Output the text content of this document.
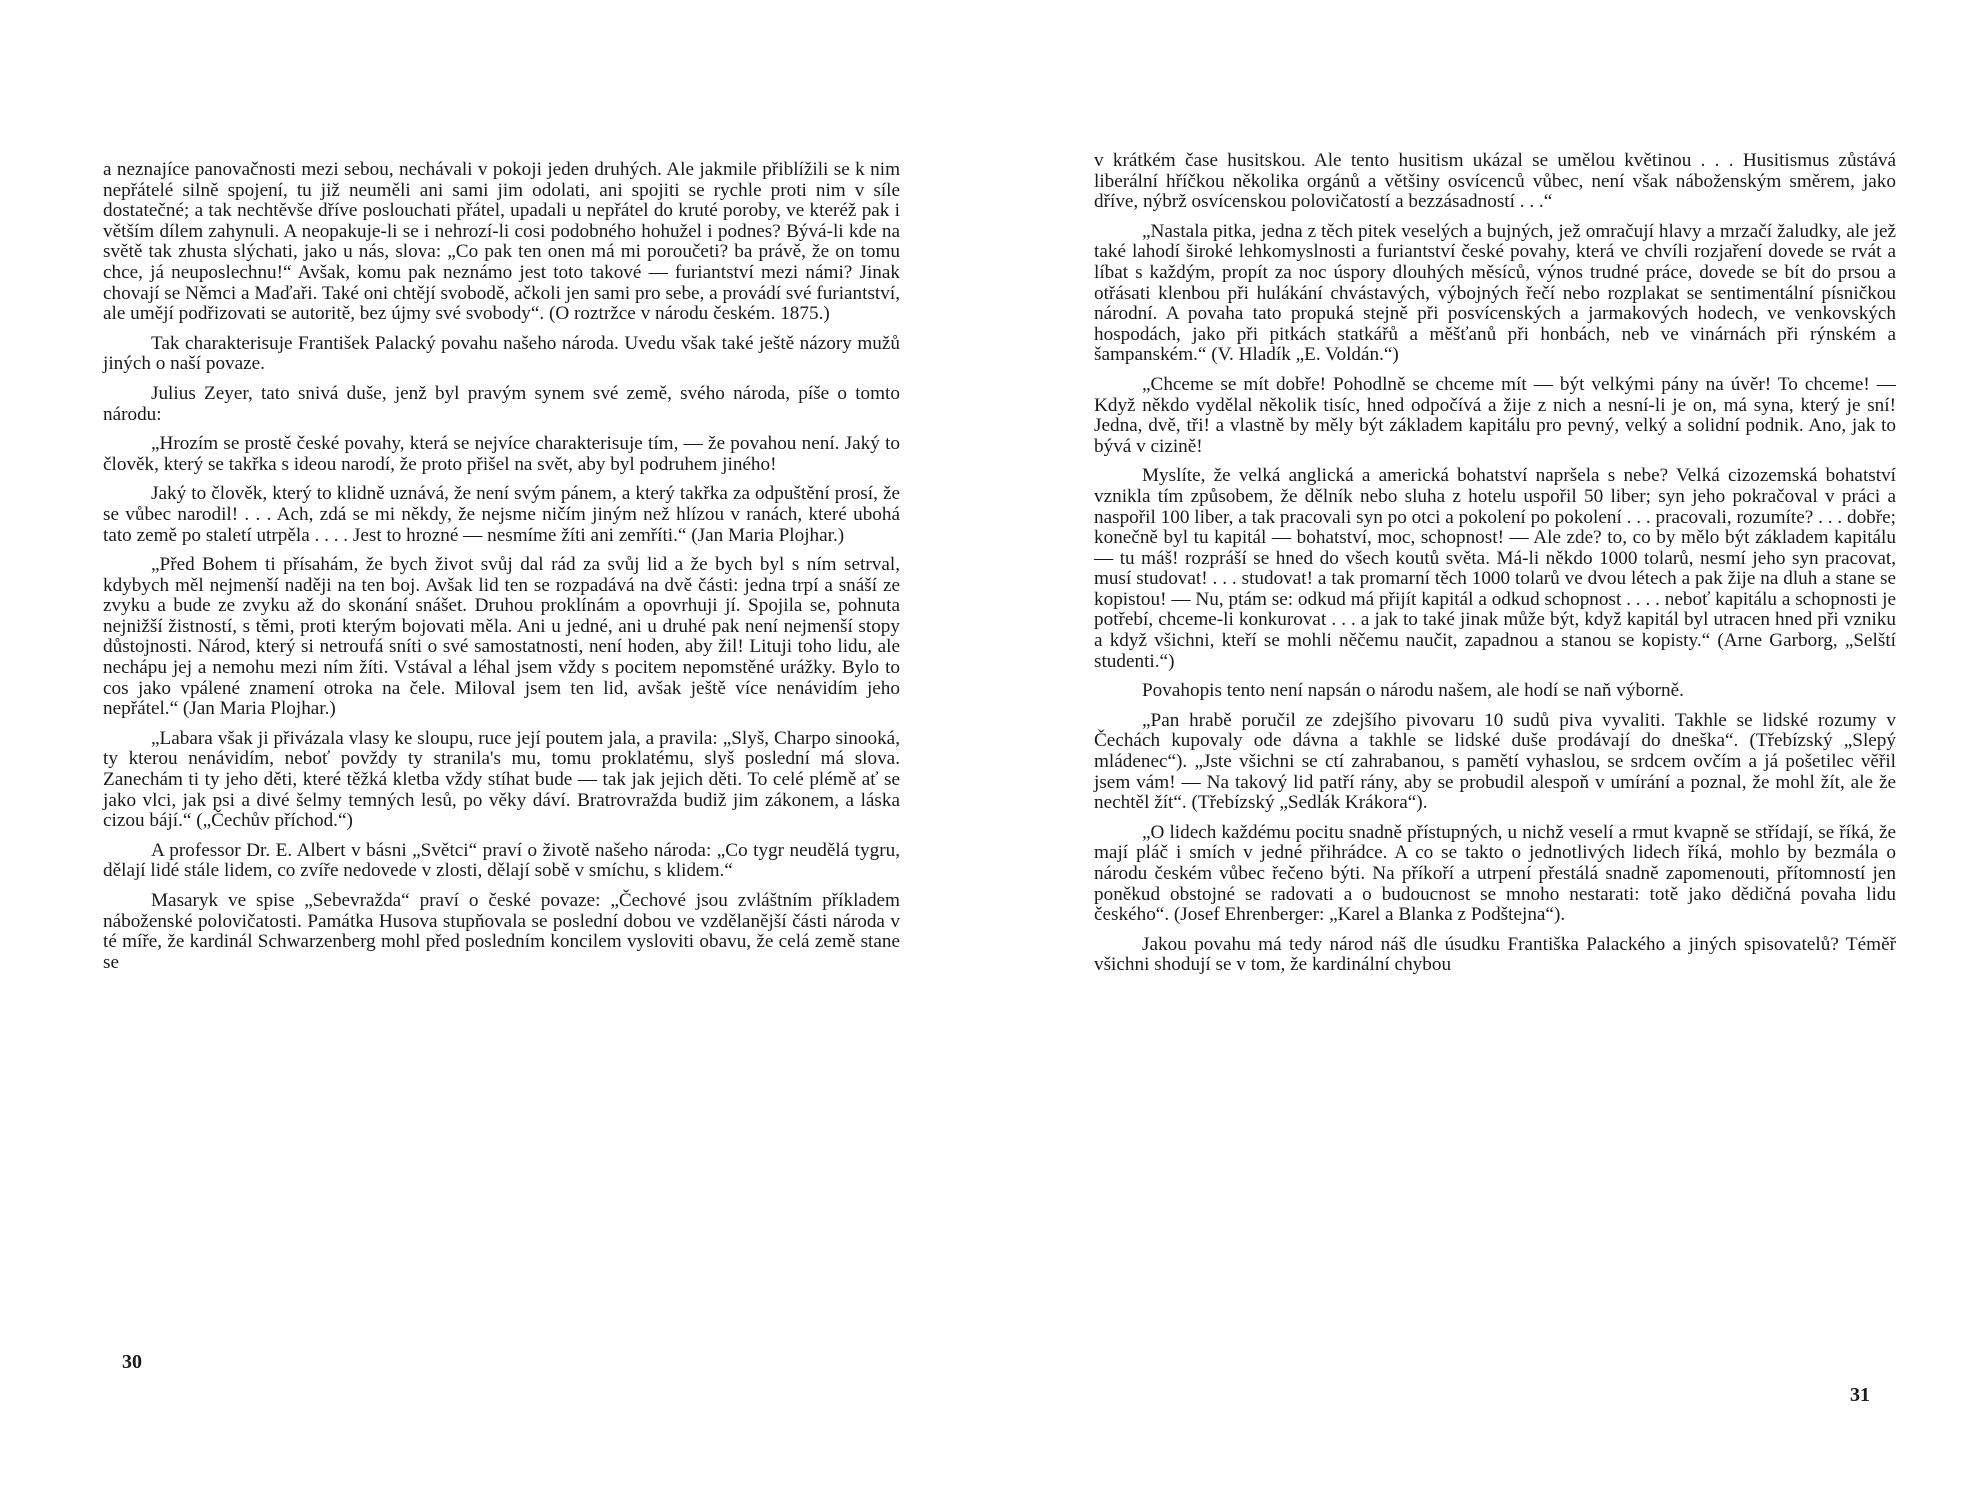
a neznajíce panovačnosti mezi sebou, nechávali v pokoji jeden druhých. Ale jakmile přiblížili se k nim nepřátelé silně spojení, tu již neuměli ani sami jim odolati, ani spojiti se rychle proti nim v síle dostatečné; a tak nechtěvše dříve poslouchati přátel, upadali u nepřátel do kruté poroby, ve kteréž pak i větším dílem zahynuli. A neopakuje-li se i nehrozí-li cosi podobného hohužel i podnes? Bývá-li kde na světě tak zhusta slýchati, jako u nás, slova: „Co pak ten onen má mi poroučeti? ba právě, že on tomu chce, já neuposlechnu!“ Avšak, komu pak neznámo jest toto takové — furiantství mezi námi? Jinak chovají se Němci a Maďaři. Také oni chtějí svobodě, ačkoli jen sami pro sebe, a provádí své furiantství, ale umějí podřizovati se autoritě, bez újmy své svobody“. (O roztržce v národu českém. 1875.)

Tak charakterisuje František Palacký povahu našeho národa. Uvedu však také ještě názory mužů jiných o naší povaze.

Julius Zeyer, tato snivá duše, jenž byl pravým synem své země, svého národa, píše o tomto národu:

„Hrozím se prostě české povahy, která se nejvíce charakterisuje tím, — že povahou není. Jaký to člověk, který se takřka s ideou narodí, že proto přišel na svět, aby byl podruhem jiného!

Jaký to člověk, který to klidně uznává, že není svým pánem, a který takřka za odpuštění prosí, že se vůbec narodil! . . . Ach, zdá se mi někdy, že nejsme ničím jiným než hlízou v ranách, které ubohá tato země po staletí utrpěla . . . . Jest to hrozné — nesmíme žíti ani zemříti.“ (Jan Maria Plojhar.)

„Před Bohem ti přísahám, že bych život svůj dal rád za svůj lid a že bych byl s ním setrval, kdybych měl nejmenší naději na ten boj. Avšak lid ten se rozpadává na dvě části: jedna trpí a snáší ze zvyku a bude ze zvyku až do skonání snášet. Druhou proklínám a opovrhuji jí. Spojila se, pohnuta nejnižší žistností, s těmi, proti kterým bojovati měla. Ani u jedné, ani u druhé pak není nejmenší stopy důstojnosti. Národ, který si netroufá sníti o své samostatnosti, není hoden, aby žil! Lituji toho lidu, ale nechápu jej a nemohu mezi ním žíti. Vstával a léhal jsem vždy s pocitem nepomstěné urážky. Bylo to cos jako vpálené znamení otroka na čele. Miloval jsem ten lid, avšak ještě více nenávidím jeho nepřátel.“ (Jan Maria Plojhar.)

„Labara však ji přivázala vlasy ke sloupu, ruce její poutem jala, a pravila: „Slyš, Charpo sinooká, ty kterou nenávidím, neboť povždy ty stranila's mu, tomu proklatému, slyš poslední má slova. Zanechám ti ty jeho děti, které těžká kletba vždy stíhat bude — tak jak jejich děti. To celé plémě ať se jako vlci, jak psi a divé šelmy temných lesů, po věky dáví. Bratrovražda budiž jim zákonem, a láska cizou bájí.“ („Čechův příchod.“)

A professor Dr. E. Albert v básni „Světci“ praví o životě našeho národa: „Co tygr neudělá tygru, dělají lidé stále lidem, co zvíře nedovede v zlosti, dělají sobě v smíchu, s klidem.“

Masaryk ve spise „Sebevražda“ praví o české povaze: „Čechové jsou zvláštním příkladem náboženské polovičatosti. Památka Husova stupňovala se poslední dobou ve vzdělanější části národa v té míře, že kardinál Schwarzenberg mohl před posledním koncilem vysloviti obavu, že celá země stane se

30

v krátkém čase husitskou. Ale tento husitism ukázal se umělou květinou . . . Husitismus zůstává liberální hříčkou několika orgánů a většiny osvícenců vůbec, není však náboženským směrem, jako dříve, nýbrž osvícenskou polovičatostí a bezzásadností . . .“

„Nastala pitka, jedna z těch pitek veselých a bujných, jež omračují hlavy a mrzačí žaludky, ale jež také lahodí široké lehkomyslnosti a furiantství české povahy, která ve chvíli rozjaření dovede se rvát a líbat s každým, propít za noc úspory dlouhých měsíců, výnos trudné práce, dovede se bít do prsou a otřásati klenbou při hulákání chvástavých, výbojných řečí nebo rozplakat se sentimentální písničkou národní. A povaha tato propuká stejně při posvícenských a jarmakových hodech, ve venkovských hospodách, jako při pitkách statkářů a měšťanů při honbách, neb ve vinárnách při rýnském a šampanském.“ (V. Hladík „E. Voldán.“)

„Chceme se mít dobře! Pohodlně se chceme mít — být velkými pány na úvěr! To chceme! — Když někdo vydělal několik tisíc, hned odpočívá a žije z nich a nesní-li je on, má syna, který je sní! Jedna, dvě, tři! a vlastně by měly být základem kapitálu pro pevný, velký a solidní podnik. Ano, jak to bývá v cizině!

Myslíte, že velká anglická a americká bohatství napršela s nebe? Velká cizozemská bohatství vznikla tím způsobem, že dělník nebo sluha z hotelu uspořil 50 liber; syn jeho pokračoval v práci a naspořil 100 liber, a tak pracovali syn po otci a pokolení po pokolení . . . pracovali, rozumíte? . . . dobře; konečně byl tu kapitál — bohatství, moc, schopnost! — Ale zde? to, co by mělo být základem kapitálu — tu máš! rozpráší se hned do všech koutů světa. Má-li někdo 1000 tolarů, nesmí jeho syn pracovat, musí studovat! . . . studovat! a tak promarní těch 1000 tolarů ve dvou létech a pak žije na dluh a stane se kopistou! — Nu, ptám se: odkud má přijít kapitál a odkud schopnost . . . . neboť kapitálu a schopnosti je potřebí, chceme-li konkurovat . . . a jak to také jinak může být, když kapitál byl utracen hned při vzniku a když všichni, kteří se mohli něčemu naučit, zapadnou a stanou se kopisty.“ (Arne Garborg, „Selští studenti.“)

Povahopis tento není napsán o národu našem, ale hodí se naň výborně.

„Pan hrabě poručil ze zdejšího pivovaru 10 sudů piva vyvaliti. Takhle se lidské rozumy v Čechách kupovaly ode dávna a takhle se lidské duše prodávají do dneška“. (Třebízský „Slepý mládenec“). „Jste všichni se ctí zahrabanou, s pamětí vyhaslou, se srdcem ovčím a já pošetilec věřil jsem vám! — Na takový lid patří rány, aby se probudil alespoň v umírání a poznal, že mohl žít, ale že nechtěl žít“. (Třebízský „Sedlák Krákora“).

„O lidech každému pocitu snadně přístupných, u nichž veselí a rmut kvapně se střídají, se říká, že mají pláč i smích v jedné přihrádce. A co se takto o jednotlivých lidech říká, mohlo by bezmála o národu českém vůbec řečeno býti. Na příkoří a utrpení přestálá snadně zapomenouti, přítomností jen poněkud obstojné se radovati a o budoucnost se mnoho nestarati: totě jako dědičná povaha lidu českého“. (Josef Ehrenberger: „Karel a Blanka z Podštejna“).

Jakou povahu má tedy národ náš dle úsudku Františka Palackého a jiných spisovatelů? Téměř všichni shodují se v tom, že kardinální chybou

31
